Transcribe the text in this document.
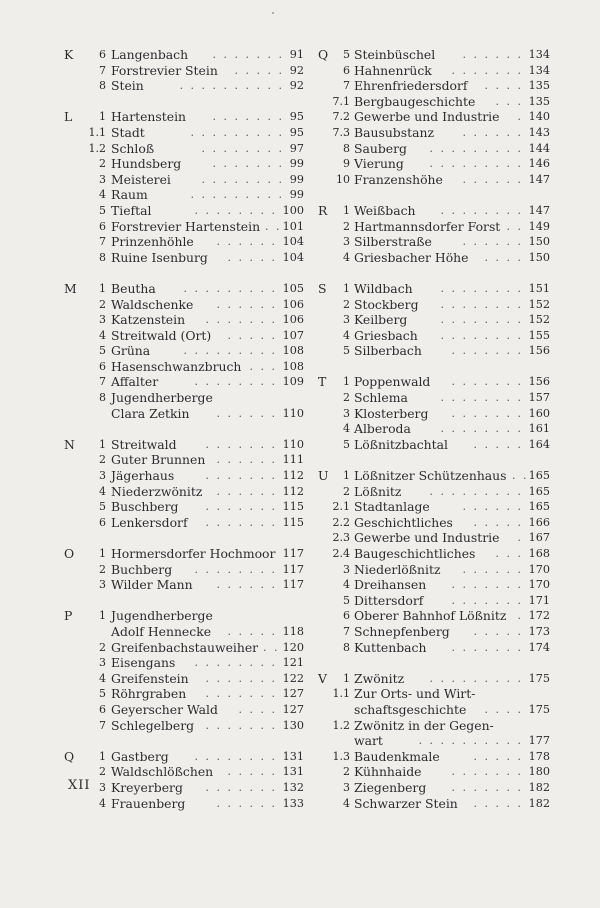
K	6 Langenbach	. . . . . . . 91
7 Forstrevier Stein	. . . . . 92
8 Stein	. . . . . . . . . . 92
L	1 Hartenstein	. . . . . . . 95
1.1 Stadt	. . . . . . . . . 95
1.2 Schloß	. . . . . . . . 97
2 Hundsberg	. . . . . . . 99
3 Meisterei	. . . . . . . . 99
4 Raum	. . . . . . . . . 99
5 Tieftal	. . . . . . . . 100
6 Forstrevier Hartenstein . . 101
7 Prinzenhöhle	. . . . . . 104
8 Ruine Isenburg	. . . . . 104
M	1 Beutha	. . . . . . . . . 105
2 Waldschenke	. . . . . . 106
3 Katzenstein	. . . . . . . 106
4 Streitwald (Ort)	. . . . . 107
5 Grüna	. . . . . . . . . 108
6 Hasenschwanzbruch . . . 108
7 Affalter	. . . . . . . . 109
8 Jugendherberge
Clara Zetkin	. . . . . . 110
N	1 Streitwald	. . . . . . . 110
2 Guter Brunnen	. . . . . . 111
3 Jägerhaus	. . . . . . . 112
4 Niederzwönitz	. . . . . . 112
5 Buschberg	. . . . . . . 115
6 Lenkersdorf	. . . . . . . 115
O	1 Hormersdorfer Hochmoor 117
2 Buchberg	. . . . . . . . 117
3 Wilder Mann	. . . . . . 117
P	1 Jugendherberge
Adolf Hennecke	. . . . . 118
2 Greifenbachstauweiher . . 120
3 Eisengans	. . . . . . . . 121
4 Greifenstein	. . . . . . . 122
5 Röhrgraben	. . . . . . . 127
6 Geyerscher Wald	. . . . 127
7 Schlegelberg	. . . . . . . 130
Q	1 Gastberg	. . . . . . . . 131
2 Waldschlößchen	. . . . . 131
3 Kreyerberg	. . . . . . . 132
4 Frauenberg	. . . . . . 133
Q	5 Steinbüschel	. . . . . . 134
6 Hahnenrück	. . . . . . . 134
7 Ehrenfriedersdorf	. . . . 135
7.1 Bergbaugeschichte	. . . 135
7.2 Gewerbe und Industrie	. 140
7.3 Bausubstanz	. . . . . . 143
8 Sauberg	. . . . . . . . . 144
9 Vierung	. . . . . . . . . 146
10 Franzenshöhe	. . . . . . 147
R	1 Weißbach	. . . . . . . . 147
2 Hartmannsdorfer Forst . . 149
3 Silberstraße	. . . . . . 150
4 Griesbacher Höhe	. . . . 150
S	1 Wildbach	. . . . . . . . 151
2 Stockberg	. . . . . . . . 152
3 Keilberg	. . . . . . . . 152
4 Griesbach	. . . . . . . . 155
5 Silberbach	. . . . . . . 156
T	1 Poppenwald	. . . . . . . 156
2 Schlema	. . . . . . . . 157
3 Klosterberg	. . . . . . . 160
4 Alberoda	. . . . . . . . 161
5 Lößnitzbachtal	. . . . . 164
U	1 Lößnitzer Schützenhaus . . 165
2 Lößnitz	. . . . . . . . . 165
2.1 Stadtanlage	. . . . . . 165
2.2 Geschichtliches	. . . . . 166
2.3 Gewerbe und Industrie	. 167
2.4 Baugeschichtliches	. . . 168
3 Niederlößnitz	. . . . . . 170
4 Dreihansen	. . . . . . . 170
5 Dittersdorf	. . . . . . . 171
6 Oberer Bahnhof Lößnitz	. 172
7 Schnepfenberg	. . . . . 173
8 Kuttenbach	. . . . . . . 174
V	1 Zwönitz	. . . . . . . . . 175
1.1 Zur Orts- und Wirt-
schaftsgeschichte	. . . . 175
1.2 Zwönitz in der Gegen-
wart	. . . . . . . . . . 177
1.3 Baudenkmale	. . . . . 178
2 Kühnhaide	. . . . . . . 180
3 Ziegenberg	. . . . . . . 182
4 Schwarzer Stein	. . . . . 182
XII
